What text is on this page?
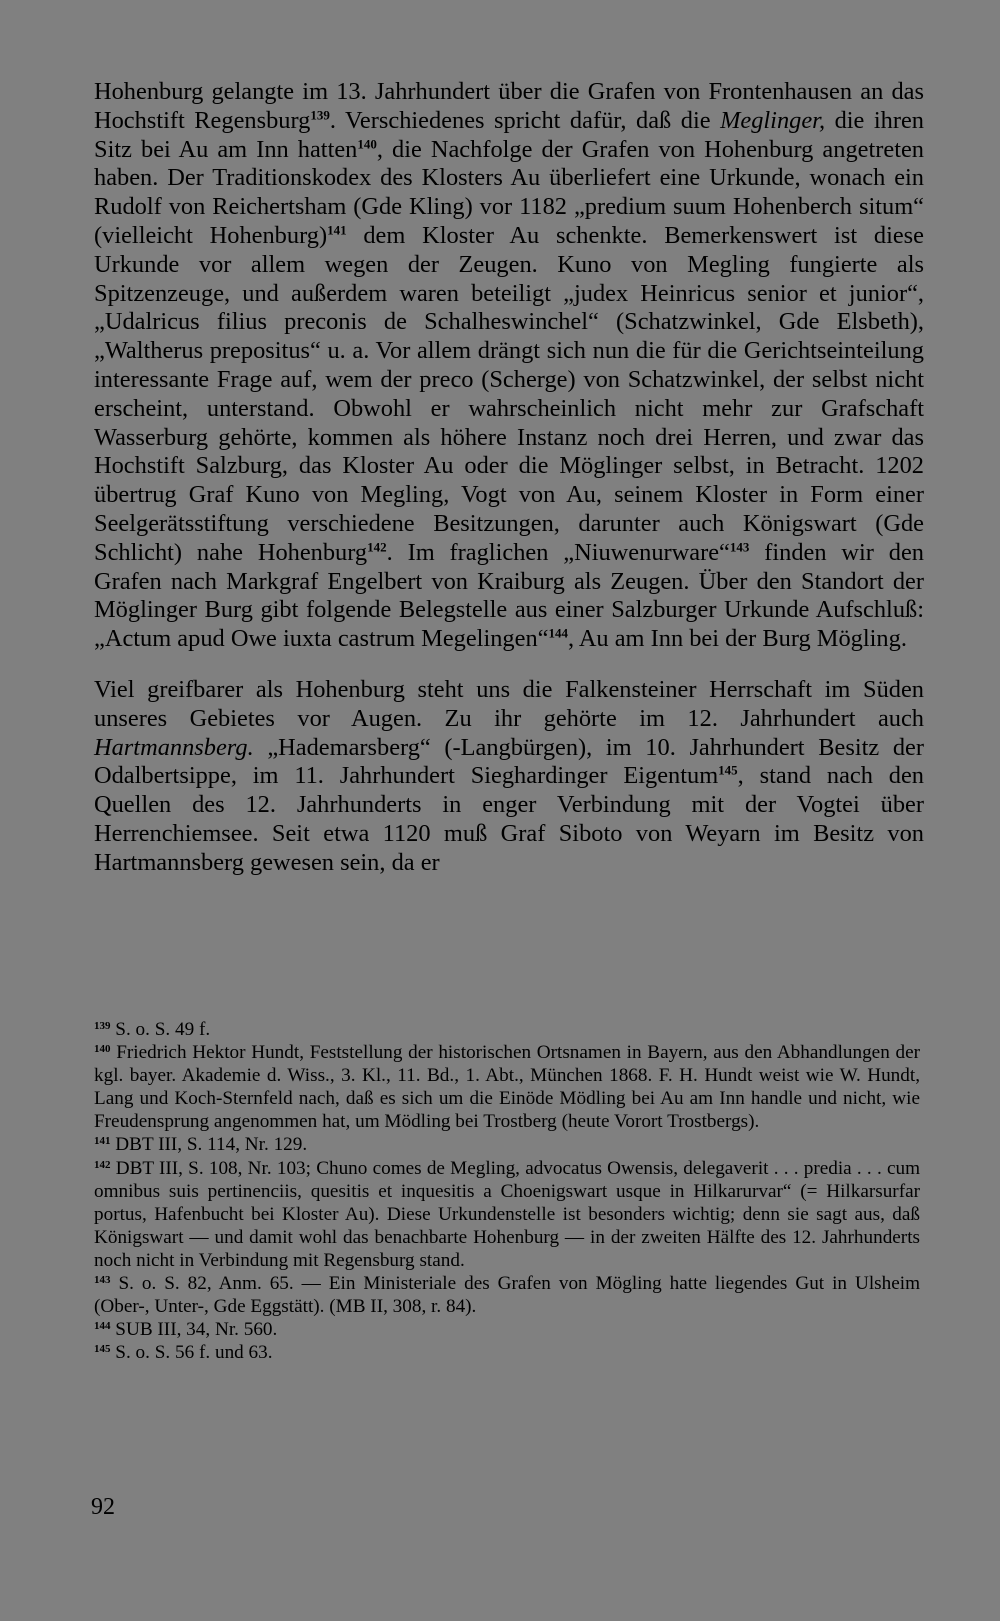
Hohenburg gelangte im 13. Jahrhundert über die Grafen von Frontenhausen an das Hochstift Regensburg$^{139}$. Verschiedenes spricht dafür, daß die Meglinger, die ihren Sitz bei Au am Inn hatten$^{140}$, die Nachfolge der Grafen von Hohenburg angetreten haben. Der Traditionskodex des Klosters Au überliefert eine Urkunde, wonach ein Rudolf von Reichertsham (Gde Kling) vor 1182 „predium suum Hohenberch situm“ (vielleicht Hohenburg)$^{141}$ dem Kloster Au schenkte. Bemerkenswert ist diese Urkunde vor allem wegen der Zeugen. Kuno von Megling fungierte als Spitzenzeuge, und außerdem waren beteiligt „judex Heinricus senior et junior“, „Udalricus filius preconis de Schalheswinchel“ (Schatzwinkel, Gde Elsbeth), „Waltherus prepositus“ u. a. Vor allem drängt sich nun die für die Gerichtseinteilung interessante Frage auf, wem der preco (Scherge) von Schatzwinkel, der selbst nicht erscheint, unterstand. Obwohl er wahrscheinlich nicht mehr zur Grafschaft Wasserburg gehörte, kommen als höhere Instanz noch drei Herren, und zwar das Hochstift Salzburg, das Kloster Au oder die Möglinger selbst, in Betracht. 1202 übertrug Graf Kuno von Megling, Vogt von Au, seinem Kloster in Form einer Seelgerätsstiftung verschiedene Besitzungen, darunter auch Königswart (Gde Schlicht) nahe Hohenburg$^{142}$. Im fraglichen „Niuwenurware“$^{143}$ finden wir den Grafen nach Markgraf Engelbert von Kraiburg als Zeugen. Über den Standort der Möglinger Burg gibt folgende Belegstelle aus einer Salzburger Urkunde Aufschluß: „Actum apud Owe iuxta castrum Megelingen“$^{144}$, Au am Inn bei der Burg Mögling.

Viel greifbarer als Hohenburg steht uns die Falkensteiner Herrschaft im Süden unseres Gebietes vor Augen. Zu ihr gehörte im 12. Jahrhundert auch Hartmannsberg. „Hademarsberg“ (-Langbürgen), im 10. Jahrhundert Besitz der Odalbertsippe, im 11. Jahrhundert Sieghardinger Eigentum$^{145}$, stand nach den Quellen des 12. Jahrhunderts in enger Verbindung mit der Vogtei über Herrenchiemsee. Seit etwa 1120 muß Graf Siboto von Weyarn im Besitz von Hartmannsberg gewesen sein, da er

$^{139}$ S. o. S. 49 f.

$^{140}$ Friedrich Hektor Hundt, Feststellung der historischen Ortsnamen in Bayern, aus den Abhandlungen der kgl. bayer. Akademie d. Wiss., 3. Kl., 11. Bd., 1. Abt., München 1868. F. H. Hundt weist wie W. Hundt, Lang und Koch-Sternfeld nach, daß es sich um die Einöde Mödling bei Au am Inn handle und nicht, wie Freudensprung angenommen hat, um Mödling bei Trostberg (heute Vorort Trostbergs).

$^{141}$ DBT III, S. 114, Nr. 129.

$^{142}$ DBT III, S. 108, Nr. 103; Chuno comes de Megling, advocatus Owensis, delegaverit . . . predia . . . cum omnibus suis pertinenciis, quesitis et inquesitis a Choenigswart usque in Hilkarurvar“ (= Hilkarsurfar portus, Hafenbucht bei Kloster Au). Diese Urkundenstelle ist besonders wichtig; denn sie sagt aus, daß Königswart — und damit wohl das benachbarte Hohenburg — in der zweiten Hälfte des 12. Jahrhunderts noch nicht in Verbindung mit Regensburg stand.

$^{143}$ S. o. S. 82, Anm. 65. — Ein Ministeriale des Grafen von Mögling hatte liegendes Gut in Ulsheim (Ober-, Unter-, Gde Eggstätt). (MB II, 308, r. 84).

$^{144}$ SUB III, 34, Nr. 560.

$^{145}$ S. o. S. 56 f. und 63.

92
